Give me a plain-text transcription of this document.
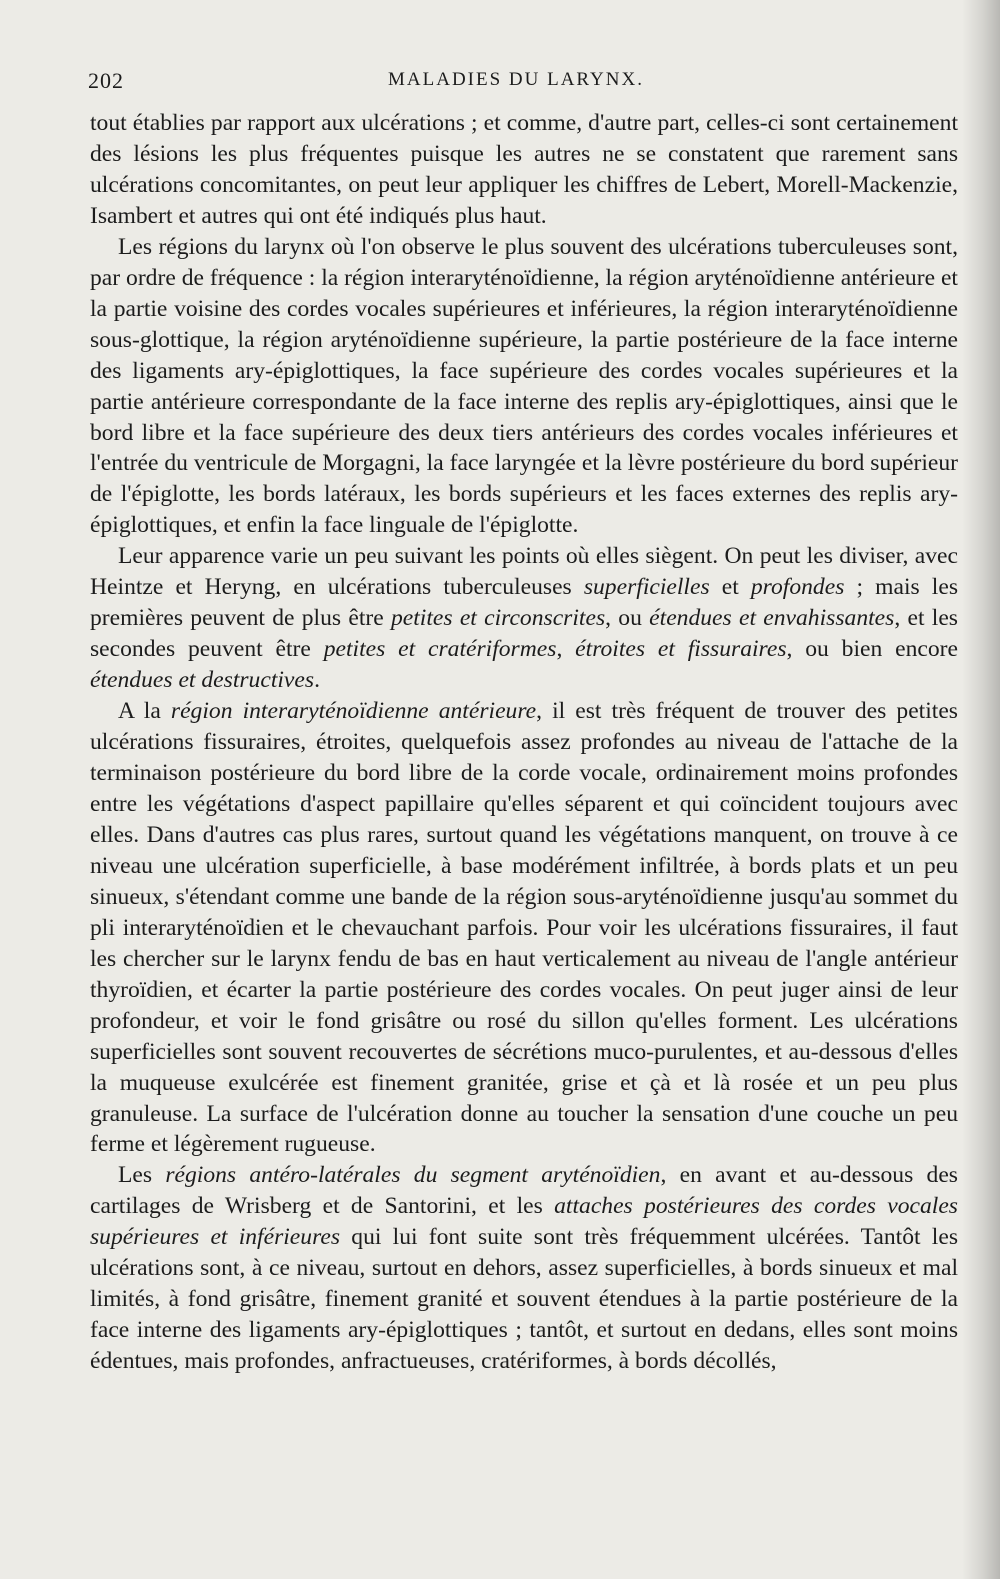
202	MALADIES DU LARYNX.

tout établies par rapport aux ulcérations ; et comme, d'autre part, celles-ci sont certainement des lésions les plus fréquentes puisque les autres ne se constatent que rarement sans ulcérations concomitantes, on peut leur appliquer les chiffres de Lebert, Morell-Mackenzie, Isambert et autres qui ont été indiqués plus haut.

Les régions du larynx où l'on observe le plus souvent des ulcérations tuberculeuses sont, par ordre de fréquence : la région interaryténoïdienne, la région aryténoïdienne antérieure et la partie voisine des cordes vocales supérieures et inférieures, la région interaryténoïdienne sous-glottique, la région aryténoïdienne supérieure, la partie postérieure de la face interne des ligaments ary-épiglottiques, la face supérieure des cordes vocales supérieures et la partie antérieure correspondante de la face interne des replis ary-épiglottiques, ainsi que le bord libre et la face supérieure des deux tiers antérieurs des cordes vocales inférieures et l'entrée du ventricule de Morgagni, la face laryngée et la lèvre postérieure du bord supérieur de l'épiglotte, les bords latéraux, les bords supérieurs et les faces externes des replis ary-épiglottiques, et enfin la face linguale de l'épiglotte.

Leur apparence varie un peu suivant les points où elles siègent. On peut les diviser, avec Heintze et Heryng, en ulcérations tuberculeuses superficielles et profondes ; mais les premières peuvent de plus être petites et circonscrites, ou étendues et envahissantes, et les secondes peuvent être petites et cratériformes, étroites et fissuraires, ou bien encore étendues et destructives.

A la région interaryténoïdienne antérieure, il est très fréquent de trouver des petites ulcérations fissuraires, étroites, quelquefois assez profondes au niveau de l'attache de la terminaison postérieure du bord libre de la corde vocale, ordinairement moins profondes entre les végétations d'aspect papillaire qu'elles séparent et qui coïncident toujours avec elles. Dans d'autres cas plus rares, surtout quand les végétations manquent, on trouve à ce niveau une ulcération superficielle, à base modérément infiltrée, à bords plats et un peu sinueux, s'étendant comme une bande de la région sous-aryténoïdienne jusqu'au sommet du pli interaryténoïdien et le chevauchant parfois. Pour voir les ulcérations fissuraires, il faut les chercher sur le larynx fendu de bas en haut verticalement au niveau de l'angle antérieur thyroïdien, et écarter la partie postérieure des cordes vocales. On peut juger ainsi de leur profondeur, et voir le fond grisâtre ou rosé du sillon qu'elles forment. Les ulcérations superficielles sont souvent recouvertes de sécrétions muco-purulentes, et au-dessous d'elles la muqueuse exulcérée est finement granitée, grise et çà et là rosée et un peu plus granuleuse. La surface de l'ulcération donne au toucher la sensation d'une couche un peu ferme et légèrement rugueuse.

Les régions antéro-latérales du segment aryténoïdien, en avant et au-dessous des cartilages de Wrisberg et de Santorini, et les attaches postérieures des cordes vocales supérieures et inférieures qui lui font suite sont très fréquemment ulcérées. Tantôt les ulcérations sont, à ce niveau, surtout en dehors, assez superficielles, à bords sinueux et mal limités, à fond grisâtre, finement granité et souvent étendues à la partie postérieure de la face interne des ligaments ary-épiglottiques ; tantôt, et surtout en dedans, elles sont moins édentues, mais profondes, anfractueuses, cratériformes, à bords décollés,
